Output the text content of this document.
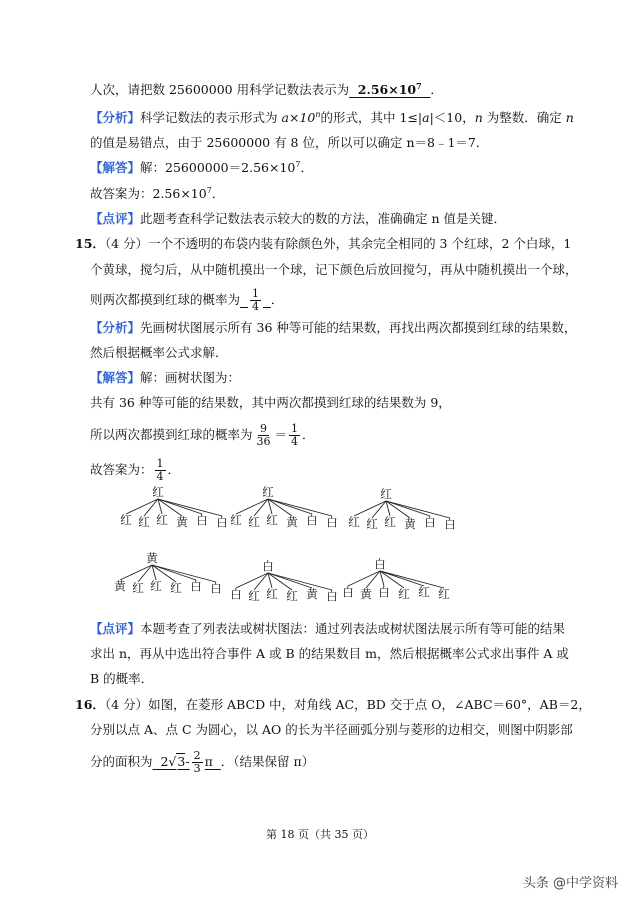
人次，请把数 25600000 用科学记数法表示为 $2.56\times 10^7$ ．
【分析】科学记数法的表示形式为 $a\times 10^n$的形式，其中 1≤|a|＜10，n 为整数．确定 n
的值是易错点，由于 25600000 有 8 位，所以可以确定 n＝8﹣1＝7．
【解答】解：$25600000=2.56\times 10^7$．
故答案为：$2.56\times 10^7$．
【点评】此题考查科学记数法表示较大的数的方法，准确确定 n 值是关键．
15．（4 分）一个不透明的布袋内装有除颜色外，其余完全相同的 3 个红球，2 个白球，1
个黄球，搅匀后，从中随机摸出一个球，记下颜色后放回搅匀，再从中随机摸出一个球，
则两次都摸到红球的概率为 $\frac{1}{4}$ ．
【分析】先画树状图展示所有 36 种等可能的结果数，再找出两次都摸到红球的结果数，
然后根据概率公式求解．
【解答】解：画树状图为：
共有 36 种等可能的结果数，其中两次都摸到红球的结果数为 9，
所以两次都摸到红球的概率为 $\frac{9}{36} = \frac{1}{4}$ ．
故答案为： $\frac{1}{4}$ ．
红
红 红 红 黄 白 白
红
红 红 红 黄 白 白
红
红 红 红 黄 白 白
黄
黄 红 红 红 白 白
白
白 红 红 红 黄 白
白
白 黄 白 红 红 红
【点评】本题考查了列表法或树状图法：通过列表法或树状图法展示所有等可能的结果
求出 n，再从中选出符合事件 A 或 B 的结果数目 m，然后根据概率公式求出事件 A 或
B 的概率．
16．（4 分）如图，在菱形 ABCD 中，对角线 AC，BD 交于点 O，∠ABC＝60°，AB＝2，
分别以点 A、点 C 为圆心，以 AO 的长为半径画弧分别与菱形的边相交，则图中阴影部
分的面积为 $2√3- \frac{2}{3}$ π ．（结果保留 π）
第 18 页（共 35 页）
头条 @中学资料
